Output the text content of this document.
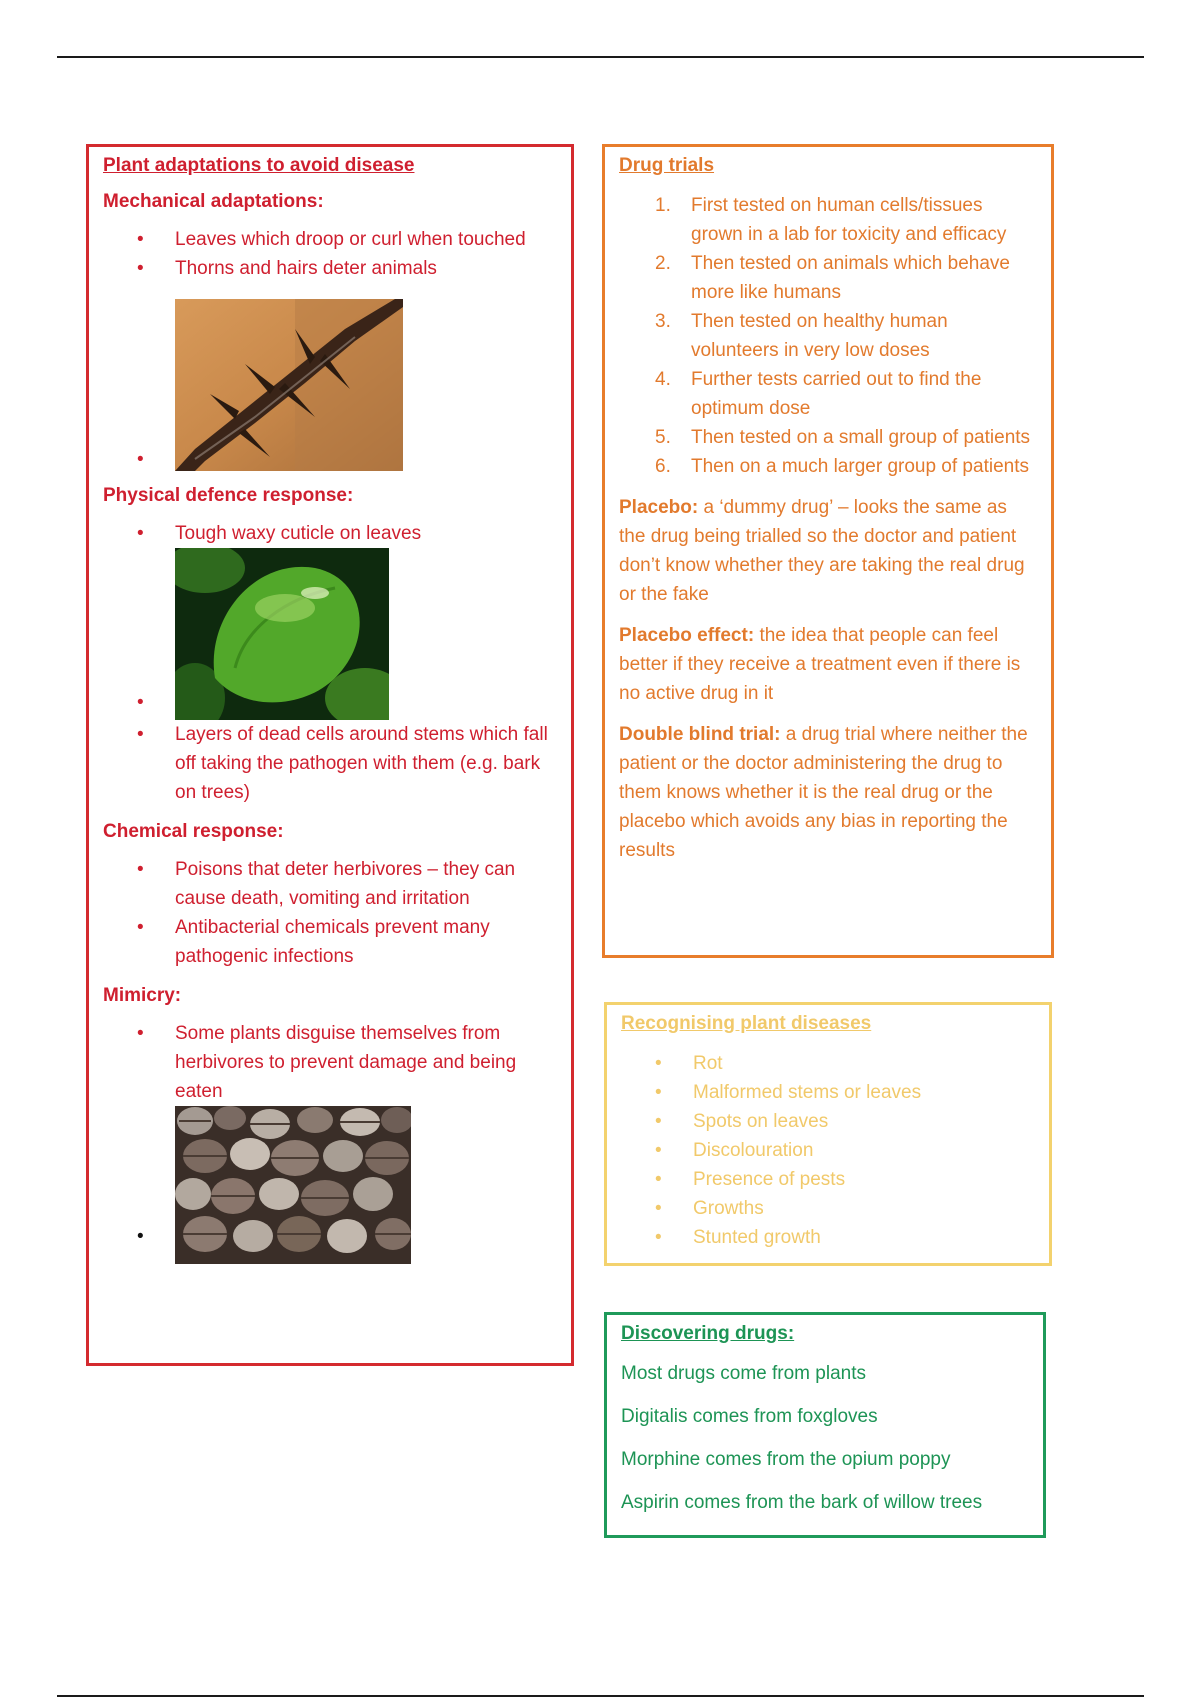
Plant adaptations to avoid disease
Mechanical adaptations:
• Leaves which droop or curl when touched
• Thorns and hairs deter animals
•
Physical defence response:
• Tough waxy cuticle on leaves
•
• Layers of dead cells around stems which fall off taking the pathogen with them (e.g. bark on trees)
Chemical response:
• Poisons that deter herbivores – they can cause death, vomiting and irritation
• Antibacterial chemicals prevent many pathogenic infections
Mimicry:
• Some plants disguise themselves from herbivores to prevent damage and being eaten
•
Drug trials
1. First tested on human cells/tissues grown in a lab for toxicity and efficacy
2. Then tested on animals which behave more like humans
3. Then tested on healthy human volunteers in very low doses
4. Further tests carried out to find the optimum dose
5. Then tested on a small group of patients
6. Then on a much larger group of patients

Placebo: a ‘dummy drug’ – looks the same as the drug being trialled so the doctor and patient don’t know whether they are taking the real drug or the fake

Placebo effect: the idea that people can feel better if they receive a treatment even if there is no active drug in it

Double blind trial: a drug trial where neither the patient or the doctor administering the drug to them knows whether it is the real drug or the placebo which avoids any bias in reporting the results

Recognising plant diseases
• Rot
• Malformed stems or leaves
• Spots on leaves
• Discolouration
• Presence of pests
• Growths
• Stunted growth
Discovering drugs:

Most drugs come from plants

Digitalis comes from foxgloves

Morphine comes from the opium poppy

Aspirin comes from the bark of willow trees
